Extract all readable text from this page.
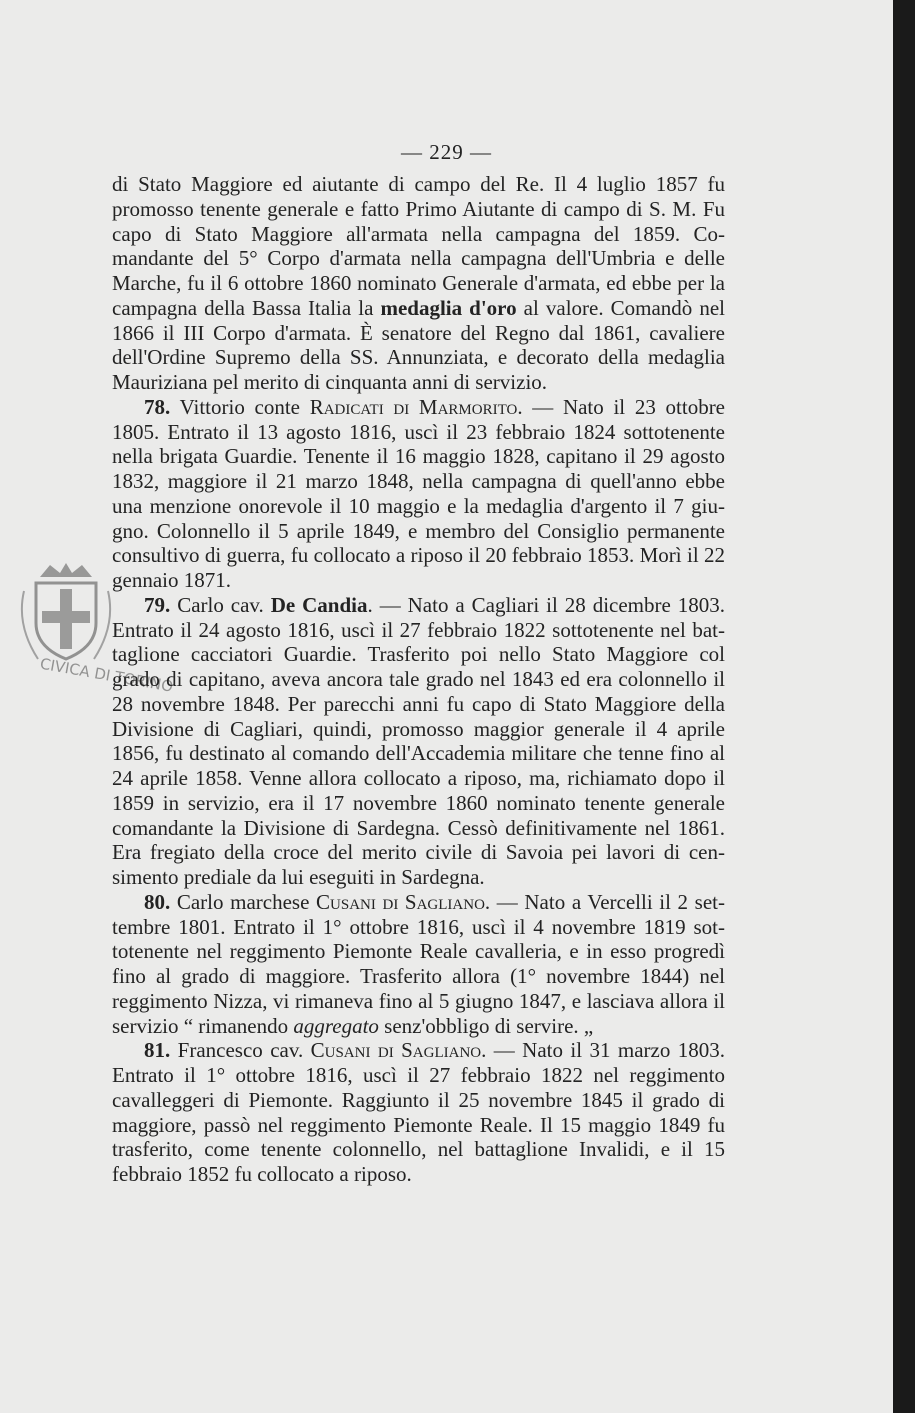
— 229 —
CIVICA DI TORINO

di Stato Maggiore ed aiutante di campo del Re. Il 4 luglio 1857 fu promosso tenente generale e fatto Primo Aiutante di campo di S. M. Fu capo di Stato Maggiore all'armata nella campagna del 1859. Comandante del 5° Corpo d'armata nella campagna dell'Umbria e delle Marche, fu il 6 ottobre 1860 nominato Generale d'armata, ed ebbe per la campagna della Bassa Italia la medaglia d'oro al valore. Comandò nel 1866 il III Corpo d'armata. È senatore del Regno dal 1861, cavaliere dell'Ordine Supremo della SS. Annunziata, e decorato della medaglia Mauriziana pel merito di cinquanta anni di servizio.

78. Vittorio conte Radicati di Marmorito. — Nato il 23 ottobre 1805. Entrato il 13 agosto 1816, uscì il 23 febbraio 1824 sottotenente nella brigata Guardie. Tenente il 16 maggio 1828, capitano il 29 agosto 1832, maggiore il 21 marzo 1848, nella campagna di quell'anno ebbe una menzione onorevole il 10 maggio e la medaglia d'argento il 7 giugno. Colonnello il 5 aprile 1849, e membro del Consiglio permanente consultivo di guerra, fu collocato a riposo il 20 febbraio 1853. Morì il 22 gennaio 1871.

79. Carlo cav. De Candia. — Nato a Cagliari il 28 dicembre 1803. Entrato il 24 agosto 1816, uscì il 27 febbraio 1822 sottotenente nel battaglione cacciatori Guardie. Trasferito poi nello Stato Maggiore col grado di capitano, aveva ancora tale grado nel 1843 ed era colonnello il 28 novembre 1848. Per parecchi anni fu capo di Stato Maggiore della Divisione di Cagliari, quindi, promosso maggior generale il 4 aprile 1856, fu destinato al comando dell'Accademia militare che tenne fino al 24 aprile 1858. Venne allora collocato a riposo, ma, richiamato dopo il 1859 in servizio, era il 17 novembre 1860 nominato tenente generale comandante la Divisione di Sardegna. Cessò definitivamente nel 1861. Era fregiato della croce del merito civile di Savoia pei lavori di censimento prediale da lui eseguiti in Sardegna.

80. Carlo marchese Cusani di Sagliano. — Nato a Vercelli il 2 settembre 1801. Entrato il 1° ottobre 1816, uscì il 4 novembre 1819 sottotenente nel reggimento Piemonte Reale cavalleria, e in esso progredì fino al grado di maggiore. Trasferito allora (1° novembre 1844) nel reggimento Nizza, vi rimaneva fino al 5 giugno 1847, e lasciava allora il servizio “ rimanendo aggregato senz'obbligo di servire. „

81. Francesco cav. Cusani di Sagliano. — Nato il 31 marzo 1803. Entrato il 1° ottobre 1816, uscì il 27 febbraio 1822 nel reggimento cavalleggeri di Piemonte. Raggiunto il 25 novembre 1845 il grado di maggiore, passò nel reggimento Piemonte Reale. Il 15 maggio 1849 fu trasferito, come tenente colonnello, nel battaglione Invalidi, e il 15 febbraio 1852 fu collocato a riposo.
